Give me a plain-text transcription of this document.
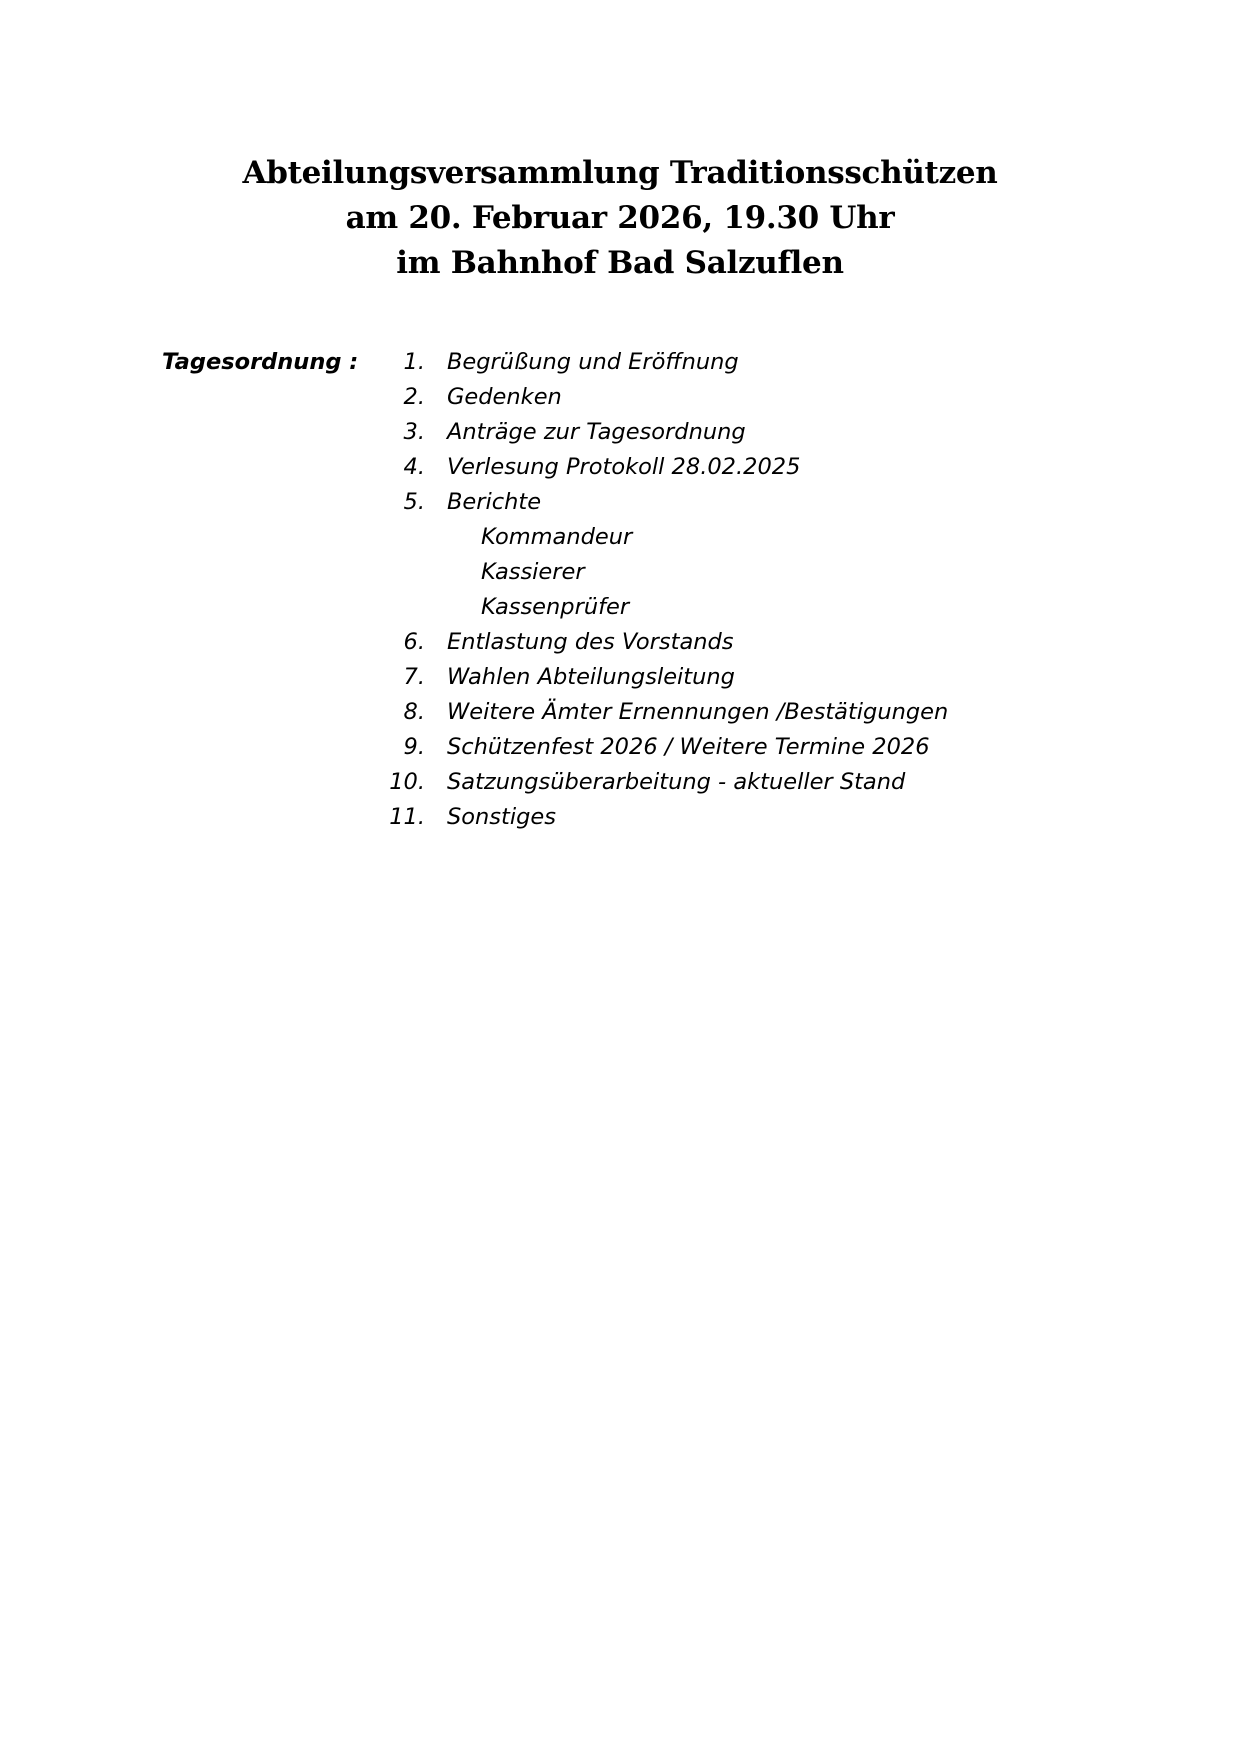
Abteilungsversammlung Traditionsschützen
am 20. Februar 2026, 19.30 Uhr
im Bahnhof Bad Salzuflen
Tagesordnung :	1. Begrüßung und Eröffnung
2. Gedenken
3. Anträge zur Tagesordnung
4. Verlesung Protokoll 28.02.2025
5. Berichte
Kommandeur
Kassierer
Kassenprüfer
6. Entlastung des Vorstands
7. Wahlen Abteilungsleitung
8. Weitere Ämter Ernennungen /Bestätigungen
9. Schützenfest 2026 / Weitere Termine 2026
10. Satzungsüberarbeitung - aktueller Stand
11. Sonstiges
